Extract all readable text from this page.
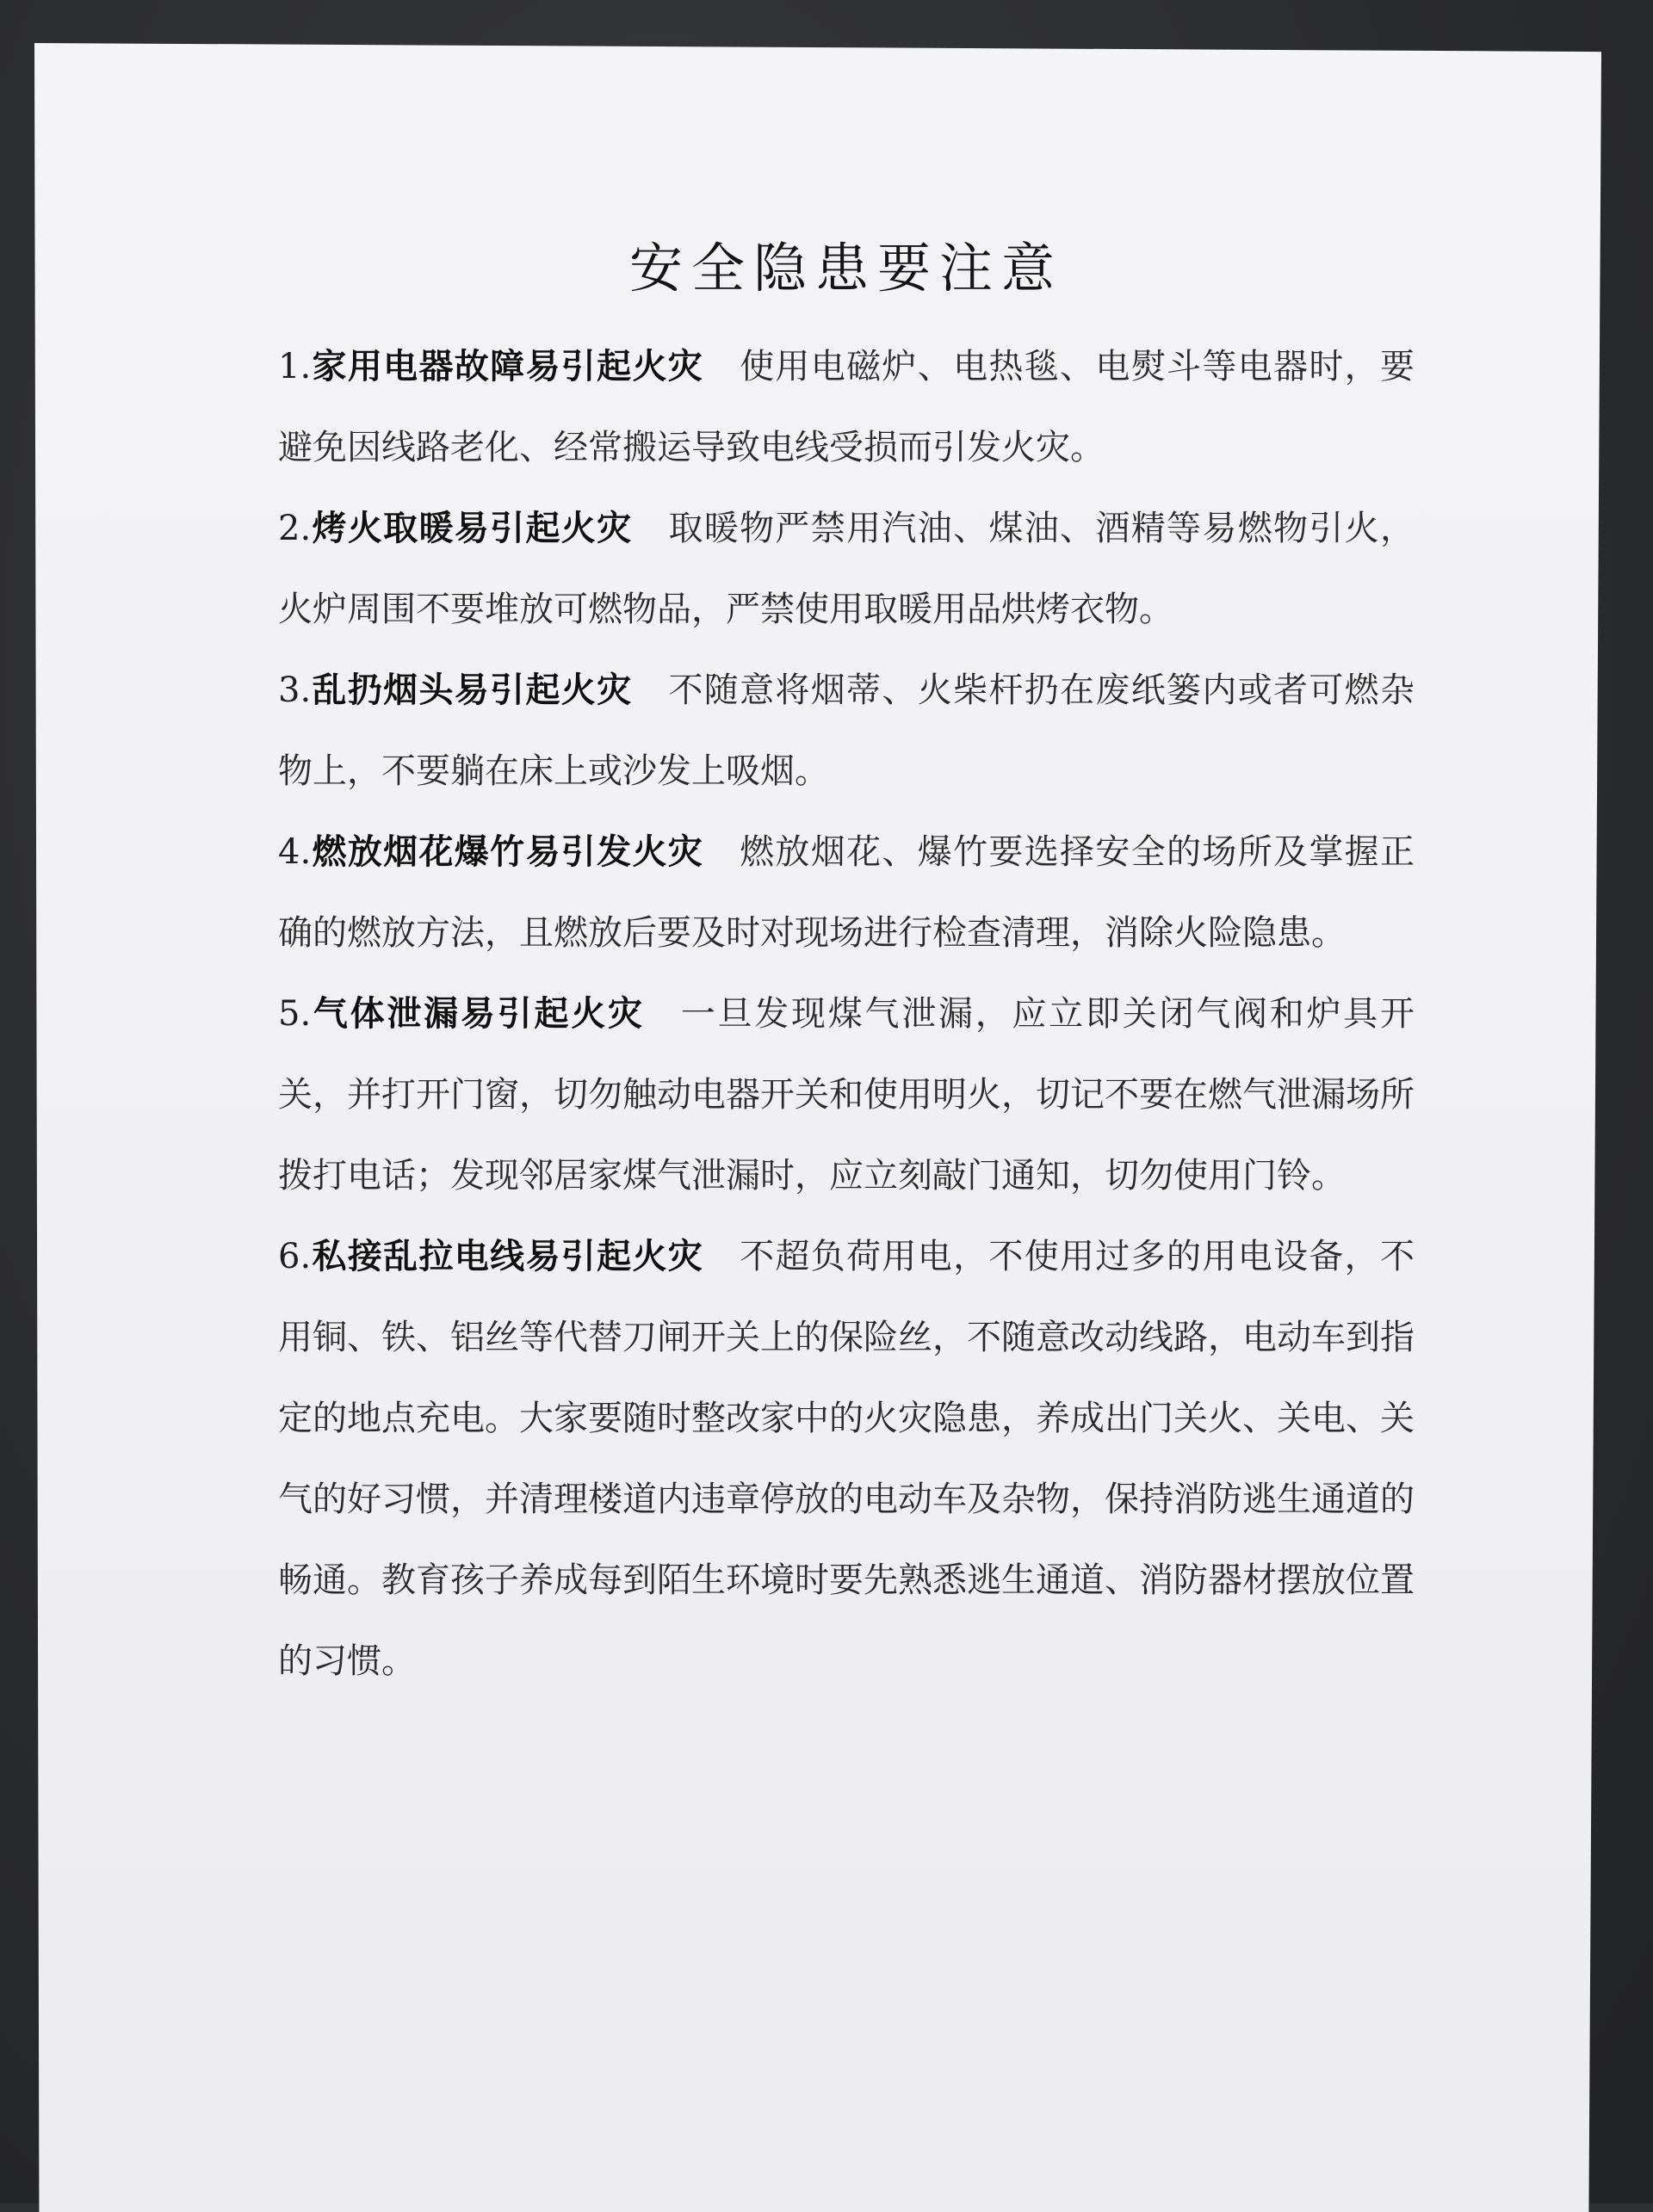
安全隐患要注意

1.家用电器故障易引起火灾 使用电磁炉、电热毯、电熨斗等电器时，要避免因线路老化、经常搬运导致电线受损而引发火灾。

2.烤火取暖易引起火灾 取暖物严禁用汽油、煤油、酒精等易燃物引火，火炉周围不要堆放可燃物品，严禁使用取暖用品烘烤衣物。

3.乱扔烟头易引起火灾 不随意将烟蒂、火柴杆扔在废纸篓内或者可燃杂物上，不要躺在床上或沙发上吸烟。

4.燃放烟花爆竹易引发火灾 燃放烟花、爆竹要选择安全的场所及掌握正确的燃放方法，且燃放后要及时对现场进行检查清理，消除火险隐患。

5.气体泄漏易引起火灾 一旦发现煤气泄漏，应立即关闭气阀和炉具开关，并打开门窗，切勿触动电器开关和使用明火，切记不要在燃气泄漏场所拨打电话；发现邻居家煤气泄漏时，应立刻敲门通知，切勿使用门铃。

6.私接乱拉电线易引起火灾 不超负荷用电，不使用过多的用电设备，不用铜、铁、铝丝等代替刀闸开关上的保险丝，不随意改动线路，电动车到指定的地点充电。大家要随时整改家中的火灾隐患，养成出门关火、关电、关气的好习惯，并清理楼道内违章停放的电动车及杂物，保持消防逃生通道的畅通。教育孩子养成每到陌生环境时要先熟悉逃生通道、消防器材摆放位置的习惯。
